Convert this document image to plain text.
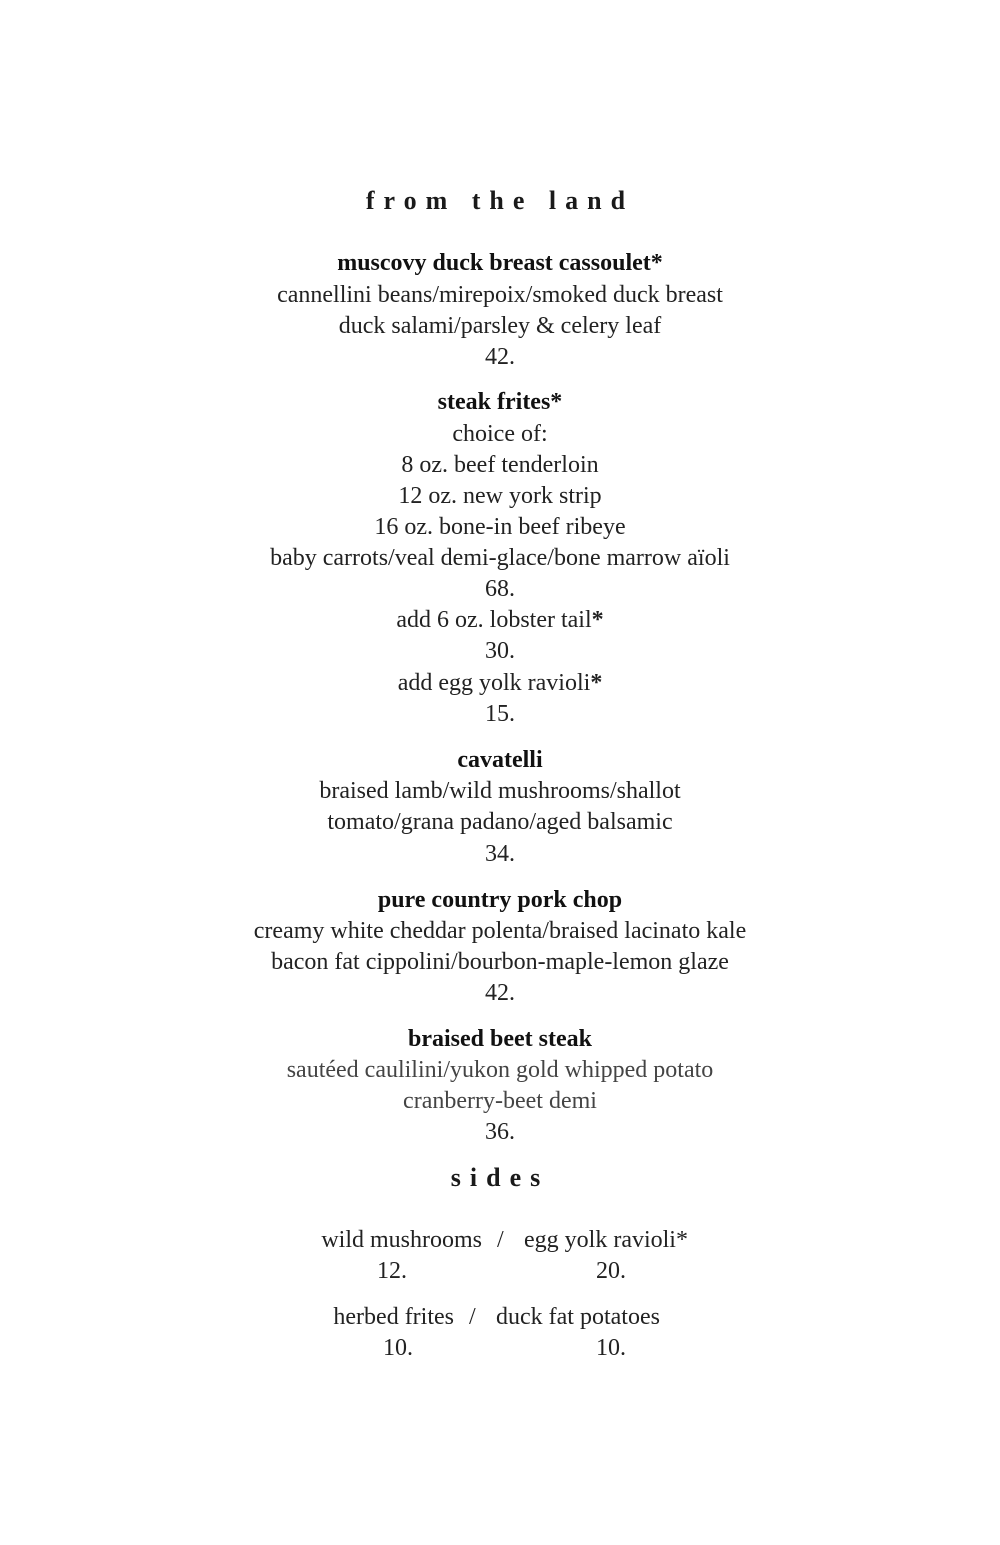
from the land
muscovy duck breast cassoulet*
cannellini beans/mirepoix/smoked duck breast
duck salami/parsley & celery leaf
42.
steak frites*
choice of:
8 oz. beef tenderloin
12 oz. new york strip
16 oz. bone-in beef ribeye
baby carrots/veal demi-glace/bone marrow aïoli
68.
add 6 oz. lobster tail*
30.
add egg yolk ravioli*
15.
cavatelli
braised lamb/wild mushrooms/shallot
tomato/grana padano/aged balsamic
34.
pure country pork chop
creamy white cheddar polenta/braised lacinato kale
bacon fat cippolini/bourbon-maple-lemon glaze
42.
braised beet steak
sautéed caulilini/yukon gold whipped potato
cranberry-beet demi
36.
sides
wild mushrooms / egg yolk ravioli*
12.	20.
herbed frites / duck fat potatoes
10.	10.
